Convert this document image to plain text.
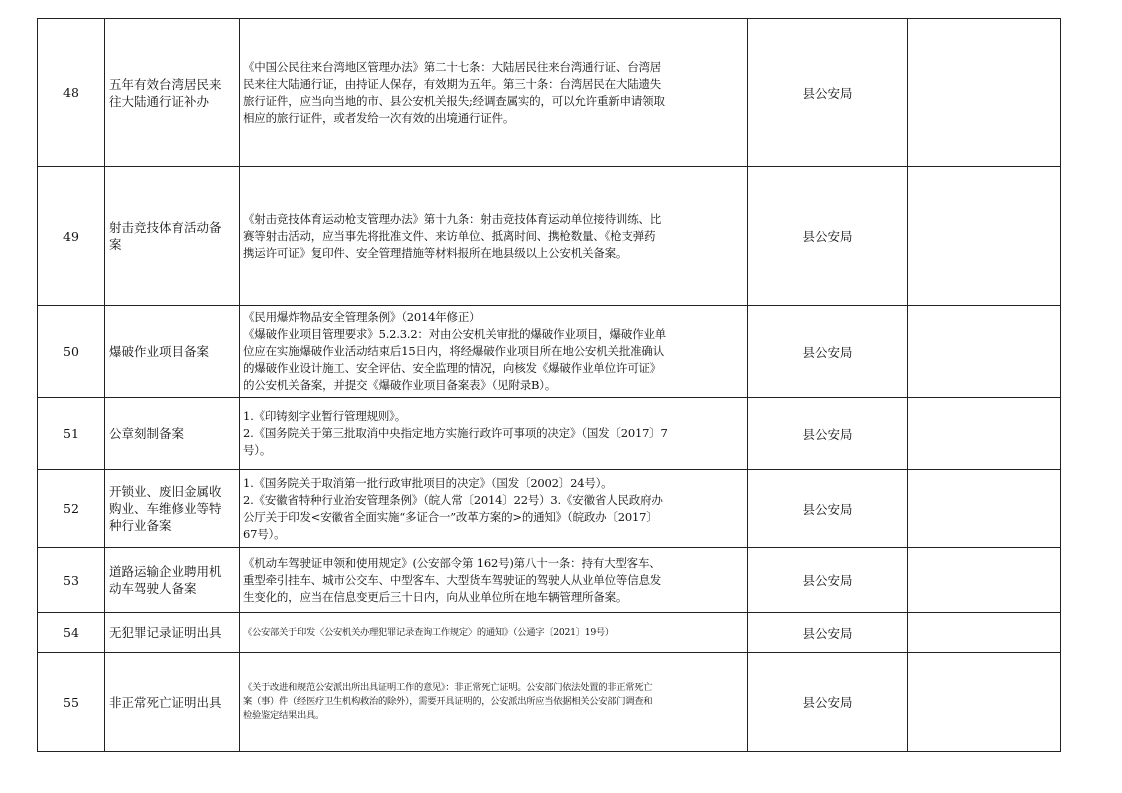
48	五年有效台湾居民来
往大陆通行证补办	《中国公民往来台湾地区管理办法》第二十七条：大陆居民往来台湾通行证、台湾居
民来往大陆通行证，由持证人保存，有效期为五年。第三十条：台湾居民在大陆遗失
旅行证件，应当向当地的市、县公安机关报失;经调查属实的，可以允许重新申请领取
相应的旅行证件，或者发给一次有效的出境通行证件。	县公安局	
49	射击竞技体育活动备
案	《射击竞技体育运动枪支管理办法》第十九条：射击竞技体育运动单位接待训练、比
赛等射击活动，应当事先将批准文件、来访单位、抵离时间、携枪数量、《枪支弹药
携运许可证》复印件、安全管理措施等材料报所在地县级以上公安机关备案。	县公安局	
50	爆破作业项目备案	《民用爆炸物品安全管理条例》（2014年修正）
《爆破作业项目管理要求》5.2.3.2：对由公安机关审批的爆破作业项目，爆破作业单
位应在实施爆破作业活动结束后15日内，将经爆破作业项目所在地公安机关批准确认
的爆破作业设计施工、安全评估、安全监理的情况，向核发《爆破作业单位许可证》
的公安机关备案，并提交《爆破作业项目备案表》（见附录B）。	县公安局	
51	公章刻制备案	1.《印铸刻字业暂行管理规则》。
2.《国务院关于第三批取消中央指定地方实施行政许可事项的决定》（国发〔2017〕7
号）。	县公安局	
52	开锁业、废旧金属收
购业、车维修业等特
种行业备案	1.《国务院关于取消第一批行政审批项目的决定》（国发〔2002〕24号）。
2.《安徽省特种行业治安管理条例》（皖人常〔2014〕22号）3.《安徽省人民政府办
公厅关于印发<安徽省全面实施“多证合一”改革方案的>的通知》（皖政办〔2017〕
67号）。	县公安局	
53	道路运输企业聘用机
动车驾驶人备案	《机动车驾驶证申领和使用规定》(公安部令第 162号)第八十一条：持有大型客车、
重型牵引挂车、城市公交车、中型客车、大型货车驾驶证的驾驶人从业单位等信息发
生变化的，应当在信息变更后三十日内，向从业单位所在地车辆管理所备案。	县公安局	
54	无犯罪记录证明出具	《公安部关于印发〈公安机关办理犯罪记录查询工作规定〉的通知》（公通字〔2021〕19号）	县公安局	
55	非正常死亡证明出具	《关于改进和规范公安派出所出具证明工作的意见》：非正常死亡证明。公安部门依法处置的非正常死亡
案（事）件（经医疗卫生机构救治的除外），需要开具证明的，公安派出所应当依据相关公安部门调查和
检验鉴定结果出具。	县公安局	
